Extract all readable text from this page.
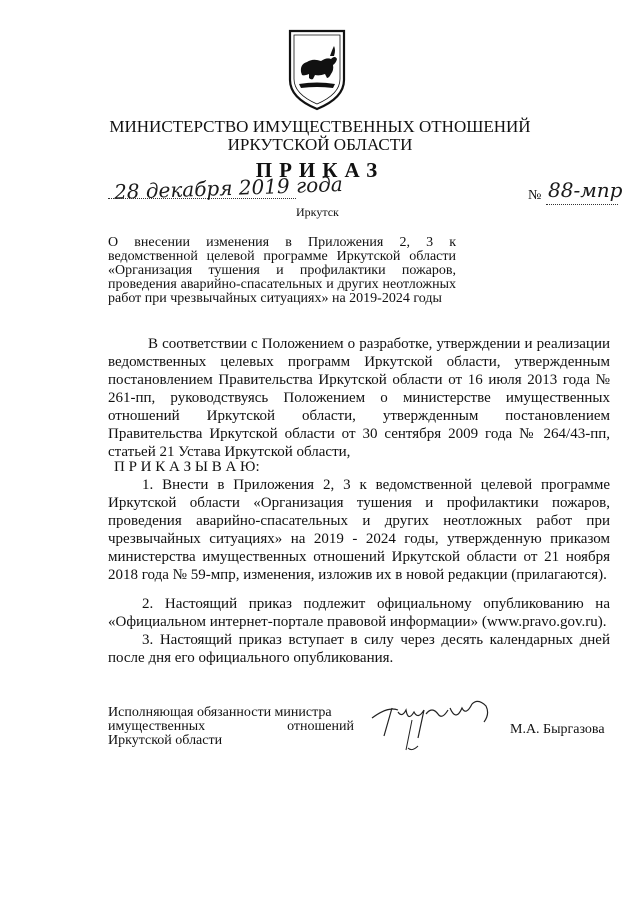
МИНИСТЕРСТВО ИМУЩЕСТВЕННЫХ ОТНОШЕНИЙ
ИРКУТСКОЙ ОБЛАСТИ
ПРИКАЗ
28 декабря 2019 года	№ 88-мпр
Иркутск
О внесении изменения в Приложения 2, 3 к ведомственной целевой программе Иркутской области «Организация тушения и профилактики пожаров, проведения аварийно-спасательных и других неотложных работ при чрезвычайных ситуациях» на 2019-2024 годы
В соответствии с Положением о разработке, утверждении и реализации ведомственных целевых программ Иркутской области, утвержденным постановлением Правительства Иркутской области от 16 июля 2013 года № 261-пп, руководствуясь Положением о министерстве имущественных отношений Иркутской области, утвержденным постановлением Правительства Иркутской области от 30 сентября 2009 года № 264/43-пп, статьей 21 Устава Иркутской области,
П Р И К А З Ы В А Ю:
1. Внести в Приложения 2, 3 к ведомственной целевой программе Иркутской области «Организация тушения и профилактики пожаров, проведения аварийно-спасательных и других неотложных работ при чрезвычайных ситуациях» на 2019 - 2024 годы, утвержденную приказом министерства имущественных отношений Иркутской области от 21 ноября 2018 года № 59-мпр, изменения, изложив их в новой редакции (прилагаются).
2. Настоящий приказ подлежит официальному опубликованию на «Официальном интернет-портале правовой информации» (www.pravo.gov.ru).
3. Настоящий приказ вступает в силу через десять календарных дней после дня его официального опубликования.
Исполняющая обязанности министра
имущественных	отношений
Иркутской области
М.А. Быргазова
